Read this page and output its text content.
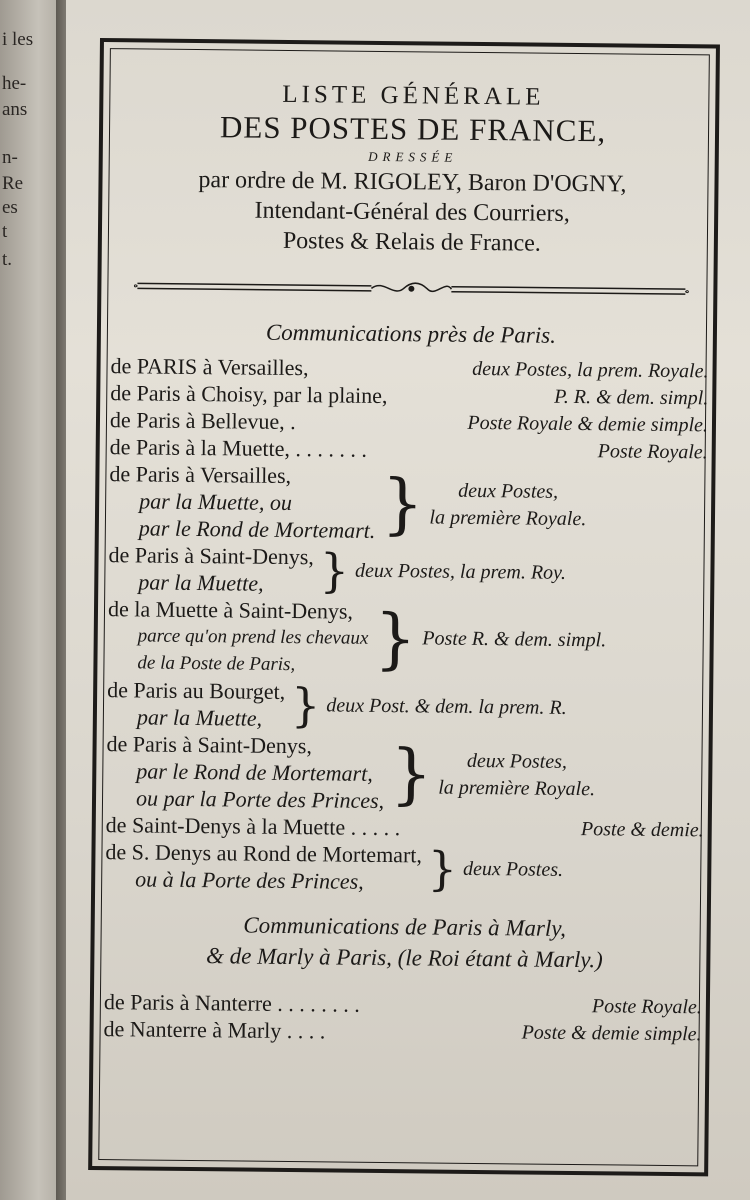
i les
he-
ans
n-
Re
es
t
t.
LISTE GÉNÉRALE
DES POSTES DE FRANCE,
DRESSÉE
par ordre de M. RIGOLEY, Baron D'OGNY,
Intendant-Général des Courriers,
Postes & Relais de France.
Communications près de Paris.
de PARIS à Versailles,	deux Postes, la prem. Royale.
de Paris à Choisy, par la plaine,	P. R. & dem. simpl.
de Paris à Bellevue, .	Poste Royale & demie simple.
de Paris à la Muette, . . . . . . .	Poste Royale.
de Paris à Versailles,
par la Muette, ou
par le Rond de Mortemart. }	deux Postes,
la première Royale.
de Paris à Saint-Denys,
par la Muette,	} deux Postes, la prem. Roy.
de la Muette à Saint-Denys,
parce qu'on prend les chevaux
de la Poste de Paris,	} Poste R. & dem. simpl.
de Paris au Bourget,
par la Muette, } deux Post. & dem. la prem. R.
de Paris à Saint-Denys,
par le Rond de Mortemart,
ou par la Porte des Princes, }	deux Postes,
la première Royale.
de Saint-Denys à la Muette . . . . .	Poste & demie.
de S. Denys au Rond de Mortemart,
ou à la Porte des Princes,	} deux Postes.
Communications de Paris à Marly,
& de Marly à Paris, (le Roi étant à Marly.)
de Paris à Nanterre . . . . . . . .	Poste Royale.
de Nanterre à Marly . . . .	Poste & demie simple.
